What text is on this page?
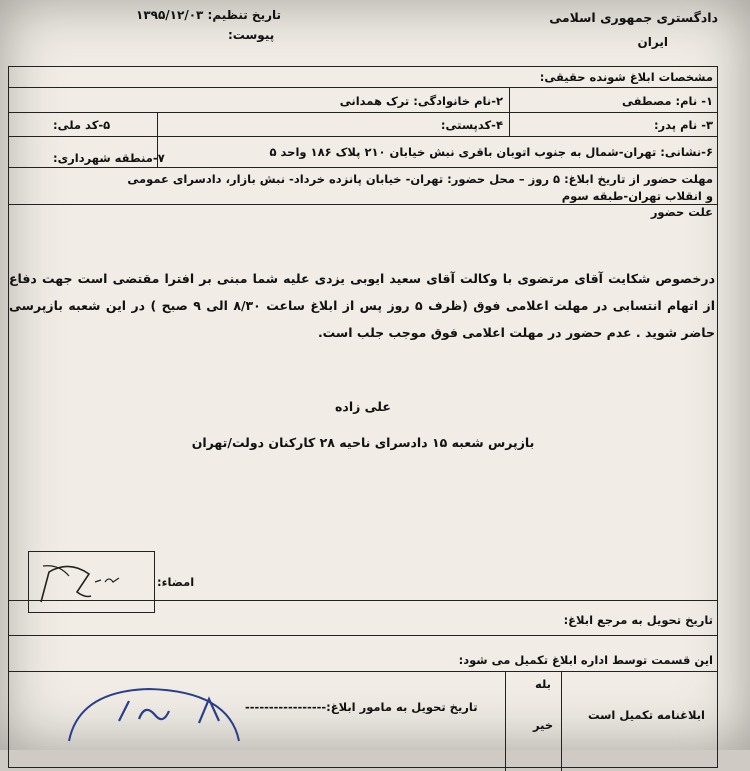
دادگستری جمهوری اسلامی
ایران
تاریخ تنظیم: ۱۳۹۵/۱۲/۰۳
پیوست:
مشخصات ابلاغ شونده حقیقی:
۱- نام: مصطفی
۲-نام خانوادگی: ترک همدانی
۳- نام پدر:
۴-کدپستی:
۵-کد ملی:
۶-نشانی: تهران-شمال به جنوب اتوبان باقری نبش خیابان ۲۱۰ پلاک ۱۸۶ واحد ۵
۷-منطقه شهرداری:
مهلت حضور از تاریخ ابلاغ: ۵ روز – محل حضور: تهران- خیابان پانزده خرداد- نبش بازار، دادسرای عمومی و انقلاب تهران-طبقه سوم
علت حضور
درخصوص شکایت آقای مرتضوی با وکالت آقای سعید ایوبی یزدی علیه شما مبنی بر افترا مقتضی است جهت دفاع از اتهام انتسابی در مهلت اعلامی فوق (ظرف ۵ روز پس از ابلاغ ساعت ۸/۳۰ الی ۹ صبح ) در این شعبه بازپرسی حاضر شوید . عدم حضور در مهلت اعلامی فوق موجب جلب است.
علی زاده
بازپرس شعبه ۱۵ دادسرای ناحیه ۲۸ کارکنان دولت/تهران
امضاء:
تاریخ تحویل به مرجع ابلاغ:
این قسمت توسط اداره ابلاغ تکمیل می شود:
ابلاغنامه تکمیل است
بله
خیر
تاریخ تحویل به مامور ابلاغ:-----------------
